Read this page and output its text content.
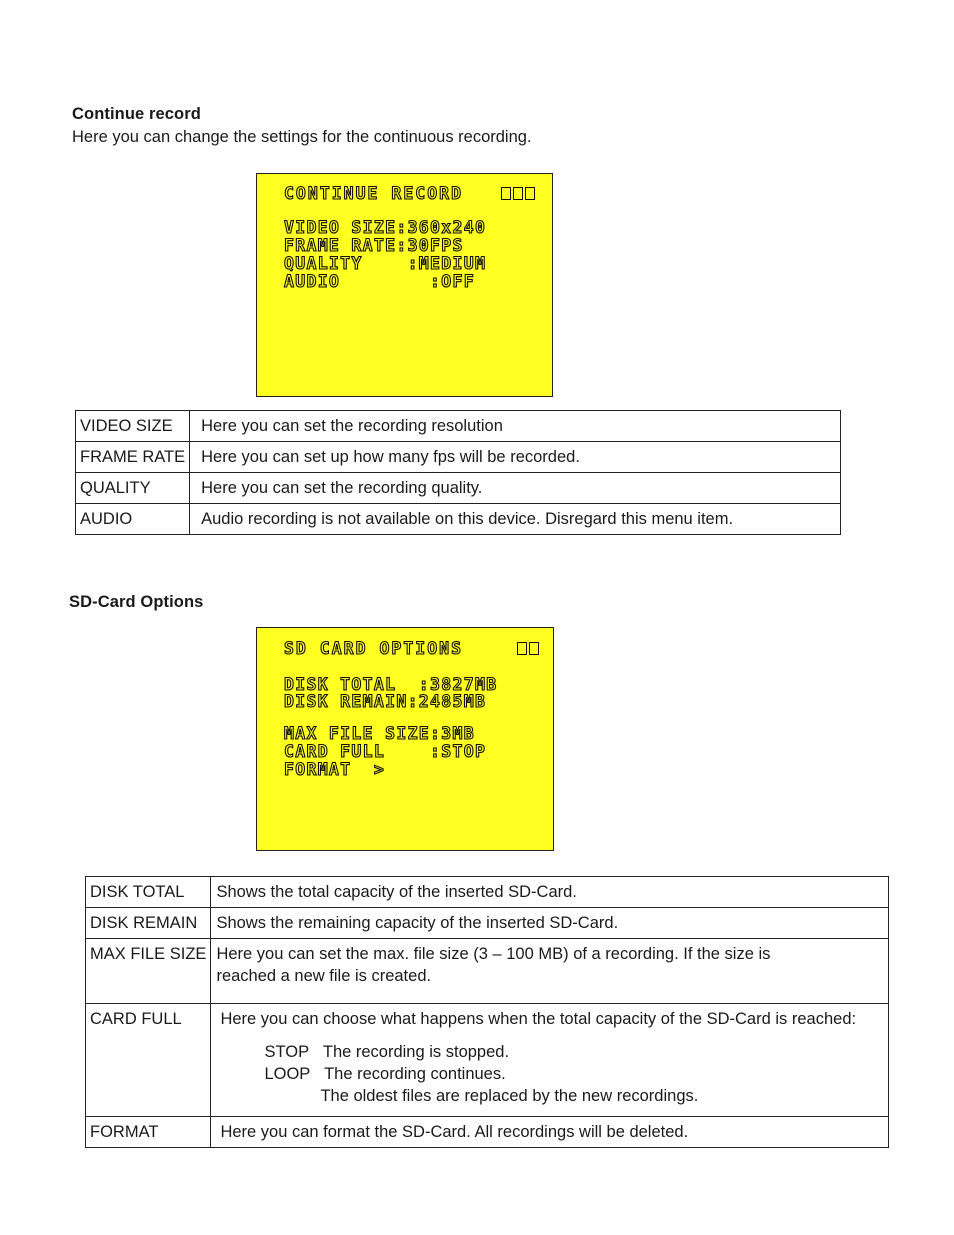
Continue record
Here you can change the settings for the continuous recording.
CONTINUE RECORD
VIDEO SIZE:360x240
FRAME RATE:30FPS
QUALITY    :MEDIUM
AUDIO        :OFF
VIDEO SIZE	Here you can set the recording resolution
FRAME RATE	Here you can set up how many fps will be recorded.
QUALITY	Here you can set the recording quality.
AUDIO	Audio recording is not available on this device. Disregard this menu item.
SD-Card Options
SD CARD OPTIONS
DISK TOTAL  :3827MB
DISK REMAIN:2485MB
MAX FILE SIZE:3MB
CARD FULL    :STOP
FORMAT  >
DISK TOTAL	Shows the total capacity of the inserted SD-Card.
DISK REMAIN	Shows the remaining capacity of the inserted SD-Card.
MAX FILE SIZE	Here you can set the max. file size (3 – 100 MB) of a recording. If the size is
reached a new file is created.

CARD FULL	Here you can choose what happens when the total capacity of the SD-Card is reached:
STOP The recording is stopped.
LOOP The recording continues.
The oldest files are replaced by the new recordings.

FORMAT	Here you can format the SD-Card. All recordings will be deleted.
